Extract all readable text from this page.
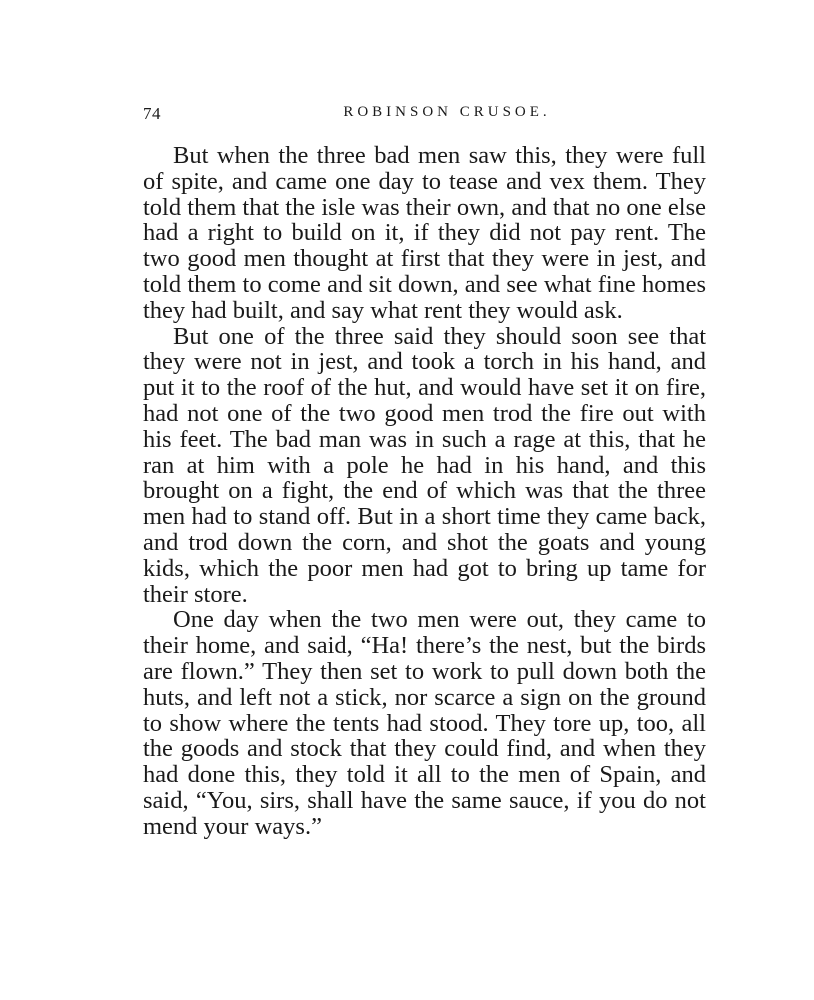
74	ROBINSON CRUSOE.

But when the three bad men saw this, they were full of spite, and came one day to tease and vex them. They told them that the isle was their own, and that no one else had a right to build on it, if they did not pay rent. The two good men thought at first that they were in jest, and told them to come and sit down, and see what fine homes they had built, and say what rent they would ask.

But one of the three said they should soon see that they were not in jest, and took a torch in his hand, and put it to the roof of the hut, and would have set it on fire, had not one of the two good men trod the fire out with his feet. The bad man was in such a rage at this, that he ran at him with a pole he had in his hand, and this brought on a fight, the end of which was that the three men had to stand off. But in a short time they came back, and trod down the corn, and shot the goats and young kids, which the poor men had got to bring up tame for their store.

One day when the two men were out, they came to their home, and said, “Ha! there’s the nest, but the birds are flown.” They then set to work to pull down both the huts, and left not a stick, nor scarce a sign on the ground to show where the tents had stood. They tore up, too, all the goods and stock that they could find, and when they had done this, they told it all to the men of Spain, and said, “You, sirs, shall have the same sauce, if you do not mend your ways.”
